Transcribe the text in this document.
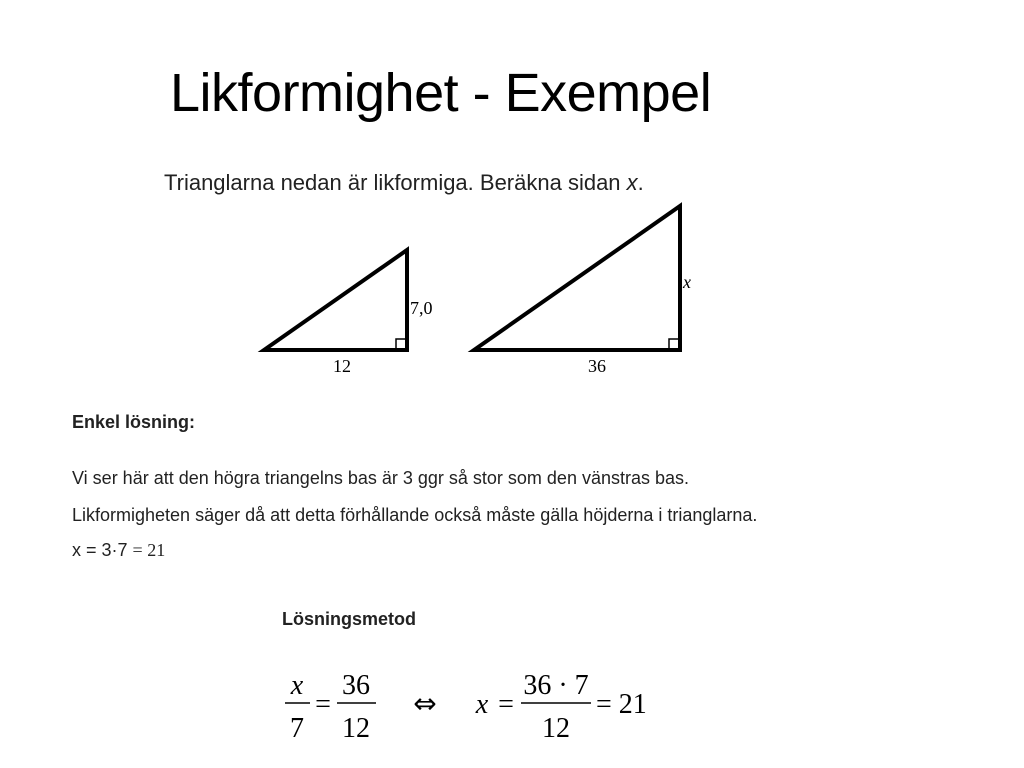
Likformighet - Exempel
Trianglarna nedan är likformiga. Beräkna sidan x.
12
7,0
36
x
Enkel lösning:
Vi ser här att den högra triangelns bas är 3 ggr så stor som den vänstras bas.
Likformigheten säger då att detta förhållande också måste gälla höjderna i trianglarna.
x = 3·7 = 21
Lösningsmetod
x
7
=
36
12
⇔ x =
36 · 7
12
= 21
